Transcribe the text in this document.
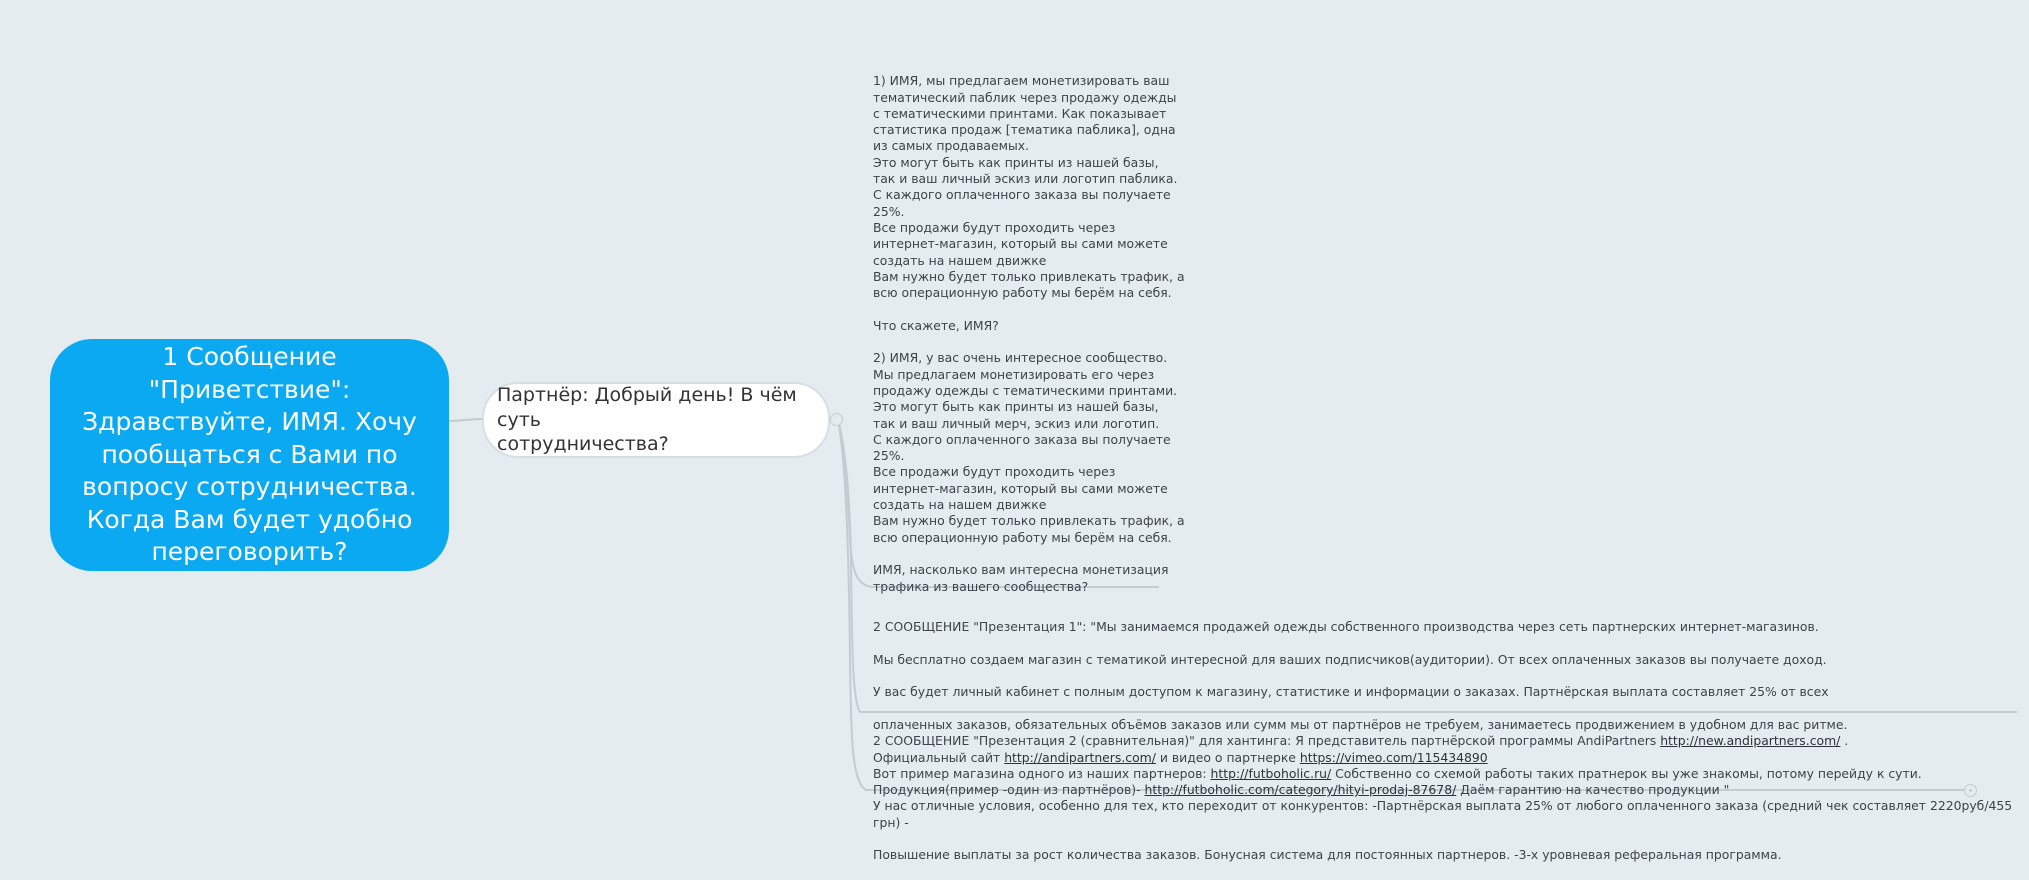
1 Сообщение "Приветствие":
Здравствуйте, ИМЯ. Хочу
пообщаться с Вами по
вопросу сотрудничества.
Когда Вам будет удобно
переговорить?
Партнёр: Добрый день! В чём суть
сотрудничества?

1) ИМЯ, мы предлагаем монетизировать ваш
тематический паблик через продажу одежды
с тематическими принтами. Как показывает
статистика продаж [тематика паблика], одна
из самых продаваемых.
Это могут быть как принты из нашей базы,
так и ваш личный эскиз или логотип паблика.
С каждого оплаченного заказа вы получаете
25%.
Все продажи будут проходить через
интернет-магазин, который вы сами можете
создать на нашем движке
Вам нужно будет только привлекать трафик, а
всю операционную работу мы берём на себя.

Что скажете, ИМЯ?

2) ИМЯ, у вас очень интересное сообщество.
Мы предлагаем монетизировать его через
продажу одежды с тематическими принтами.
Это могут быть как принты из нашей базы,
так и ваш личный мерч, эскиз или логотип.
С каждого оплаченного заказа вы получаете
25%.
Все продажи будут проходить через
интернет-магазин, который вы сами можете
создать на нашем движке
Вам нужно будет только привлекать трафик, а
всю операционную работу мы берём на себя.

ИМЯ, насколько вам интересна монетизация
трафика из вашего сообщества?

2 СООБЩЕНИЕ "Презентация 1": "Мы занимаемся продажей одежды собственного производства через сеть партнерских интернет-магазинов.

Мы бесплатно создаем магазин с тематикой интересной для ваших подписчиков(аудитории). От всех оплаченных заказов вы получаете доход.

У вас будет личный кабинет с полным доступом к магазину, статистике и информации о заказах. Партнёрская выплата составляет 25% от всех

оплаченных заказов, обязательных объёмов заказов или сумм мы от партнёров не требуем, занимаетесь продвижением в удобном для вас ритме.

Официальный сайт http://andipartners.com/ и видео о партнерке https://vimeo.com/115434890

Продукция(пример -один из партнёров)- http://futboholic.com/category/hityi-prodaj-87678/ Даём гарантию на качество продукции "

2 СООБЩЕНИЕ "Презентация 2 (сравнительная)" для хантинга: Я представитель партнёрской программы AndiPartners http://new.andipartners.com/ .

Вот пример магазина одного из наших партнеров: http://futboholic.ru/ Собственно со схемой работы таких пратнерок вы уже знакомы, потому перейду к сути.

У нас отличные условия, особенно для тех, кто переходит от конкурентов: -Партнёрская выплата 25% от любого оплаченного заказа (средний чек составляет 2220руб/455 грн) -

Повышение выплаты за рост количества заказов. Бонусная система для постоянных партнеров. -3-х уровневая реферальная программа.
